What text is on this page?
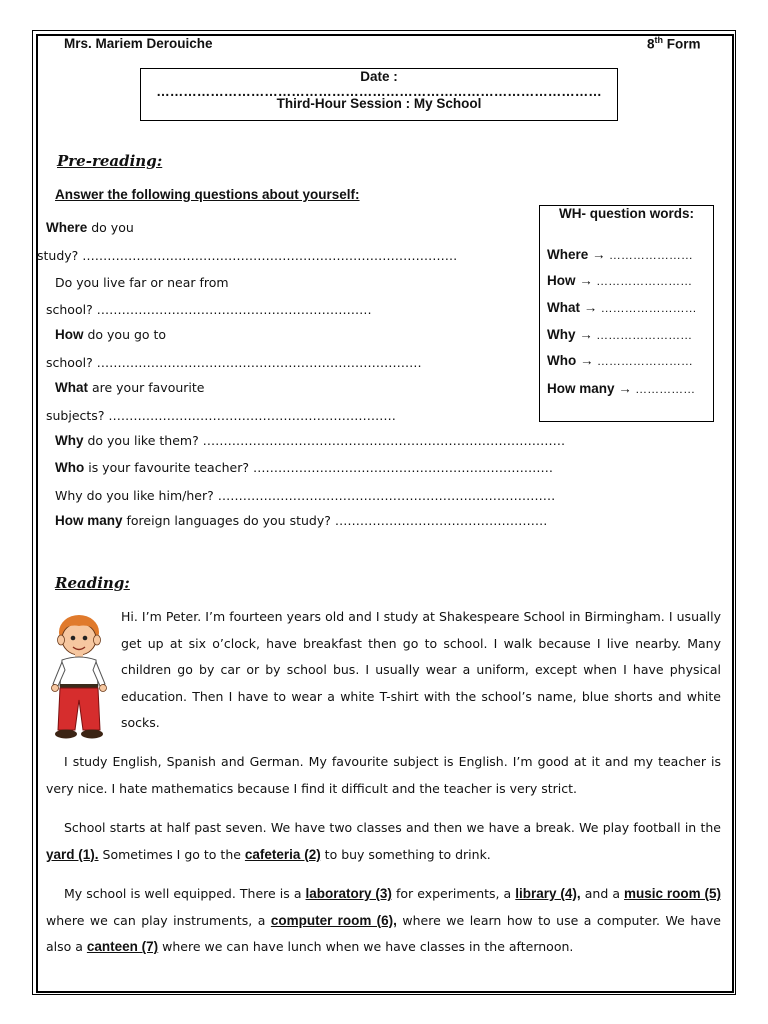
Mrs. Mariem Derouiche	8th Form
Date : ………………………………………………………………………………………
Third-Hour Session : My School
Pre-reading:
Answer the following questions about yourself:
Where do you
study? ………………………………………………………………………………
Do you live far or near from
school? …………………………………………………………
How do you go to
school? ……………………………………………………………………
What are your favourite
subjects? ……………………………………………………………
Why do you like them? ……………………………………………………………………………
Who is your favourite teacher? ………………………………………………………………
Why do you like him/her? ………………………………………………………………………
How many foreign languages do you study? ……………………………………………
WH- question words:
Where → …………………
How → ……………………
What → ……………………
Why → ……………………
Who → ……………………
How many → ……………
Reading:
Hi. I’m Peter. I’m fourteen years old and I study at Shakespeare School in Birmingham. I usually get up at six o’clock, have breakfast then go to school. I walk because I live nearby. Many children go by car or by school bus. I usually wear a uniform, except when I have physical education. Then I have to wear a white T-shirt with the school’s name, blue shorts and white socks.
I study English, Spanish and German. My favourite subject is English. I’m good at it and my teacher is very nice. I hate mathematics because I find it difficult and the teacher is very strict.
School starts at half past seven. We have two classes and then we have a break. We play football in the yard (1). Sometimes I go to the cafeteria (2) to buy something to drink.
My school is well equipped. There is a laboratory (3) for experiments, a library (4), and a music room (5) where we can play instruments, a computer room (6), where we learn how to use a computer. We have also a canteen (7) where we can have lunch when we have classes in the afternoon.
